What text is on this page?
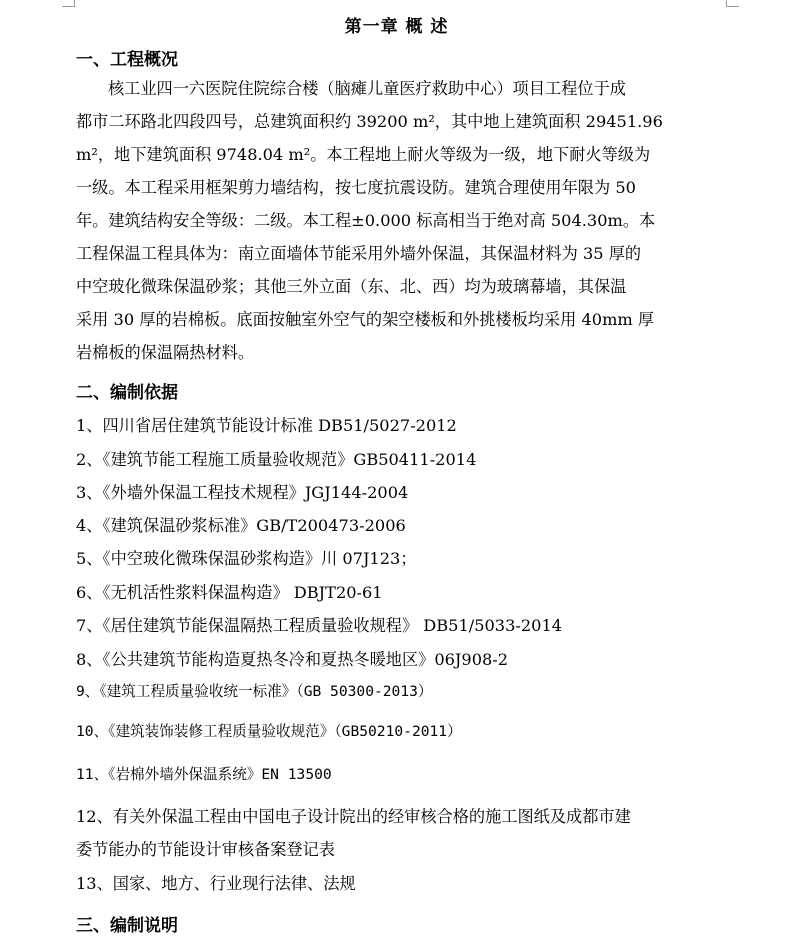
第一章 概 述
一、工程概况
核工业四一六医院住院综合楼（脑瘫儿童医疗救助中心）项目工程位于成
都市二环路北四段四号，总建筑面积约 39200 m²，其中地上建筑面积 29451.96
m²，地下建筑面积 9748.04 m²。本工程地上耐火等级为一级，地下耐火等级为
一级。本工程采用框架剪力墙结构，按七度抗震设防。建筑合理使用年限为 50
年。建筑结构安全等级：二级。本工程±0.000 标高相当于绝对高 504.30m。本
工程保温工程具体为：南立面墙体节能采用外墙外保温，其保温材料为 35 厚的
中空玻化微珠保温砂浆；其他三外立面（东、北、西）均为玻璃幕墙，其保温
采用 30 厚的岩棉板。底面按触室外空气的架空楼板和外挑楼板均采用 40mm 厚
岩棉板的保温隔热材料。
二、编制依据
1、四川省居住建筑节能设计标准 DB51/5027-2012
2、《建筑节能工程施工质量验收规范》GB50411-2014
3、《外墙外保温工程技术规程》JGJ144-2004
4、《建筑保温砂浆标准》GB/T200473-2006
5、《中空玻化微珠保温砂浆构造》川 07J123；
6、《无机活性浆料保温构造》 DBJT20-61
7、《居住建筑节能保温隔热工程质量验收规程》 DB51/5033-2014
8、《公共建筑节能构造夏热冬冷和夏热冬暖地区》06J908-2
9、《建筑工程质量验收统一标准》（GB 50300-2013）
10、《建筑装饰装修工程质量验收规范》（GB50210-2011）
11、《岩棉外墙外保温系统》EN 13500
12、有关外保温工程由中国电子设计院出的经审核合格的施工图纸及成都市建
委节能办的节能设计审核备案登记表
13、国家、地方、行业现行法律、法规
三、编制说明
